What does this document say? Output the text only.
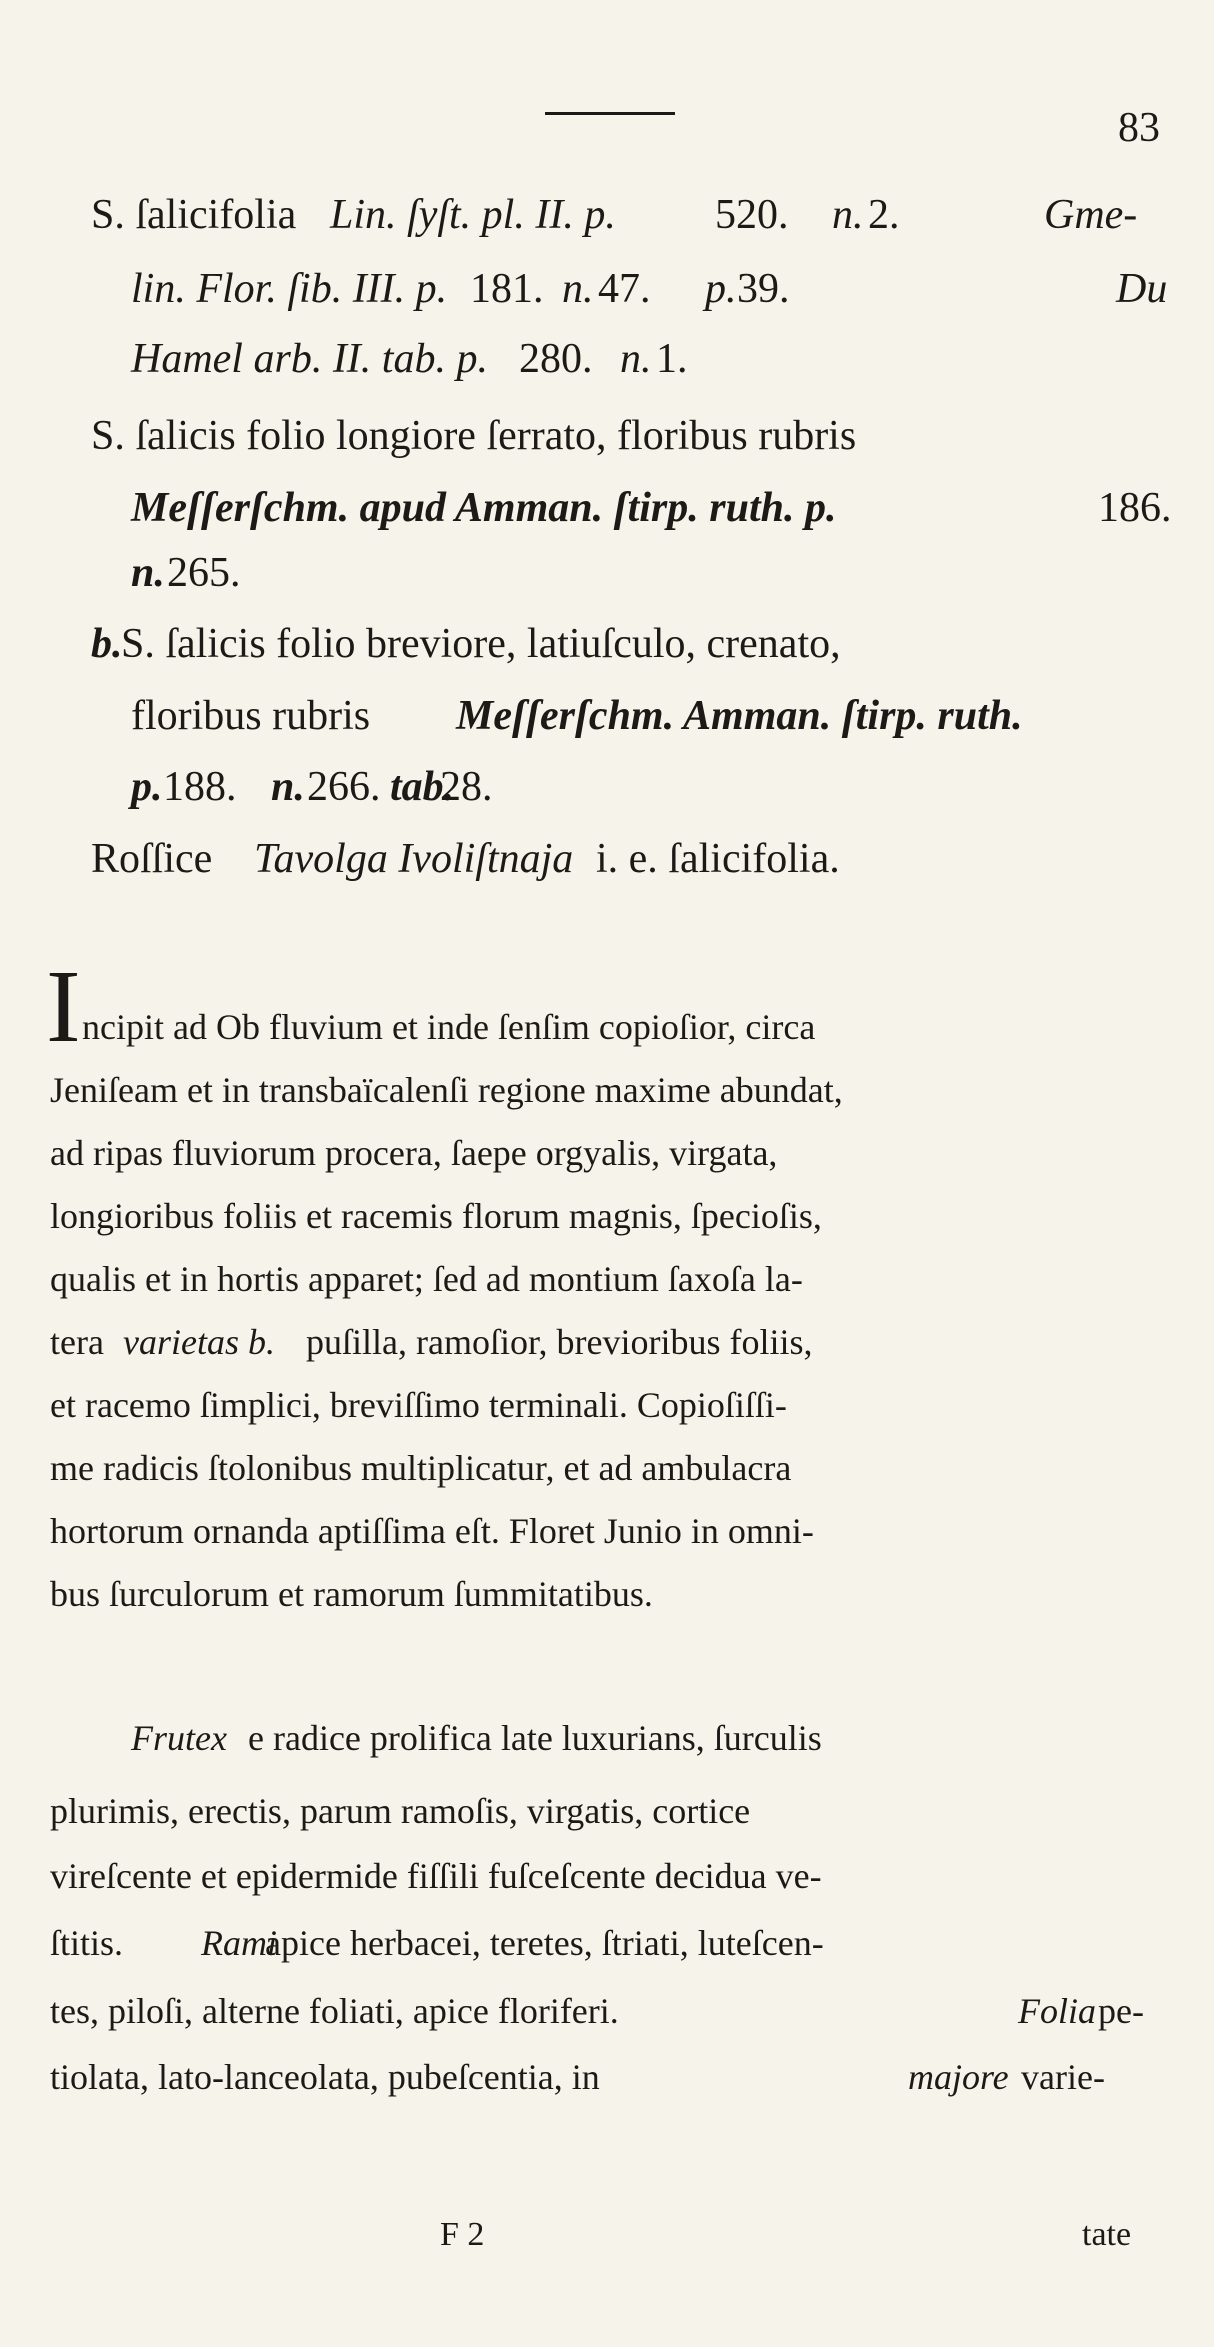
83
S. ſalicifolia Lin. ſyſt. pl. II. p. 520. n. 2.	Gme-
lin. Flor. ſib. III. p. 181. n. 47. p. 39.	Du
Hamel arb. II. tab. p. 280. n. 1.
S. ſalicis folio longiore ſerrato, floribus rubris
Meſſerſchm. apud Amman. ſtirp. ruth. p.	186.
n. 265.
b.
S. ſalicis folio breviore, latiuſculo, crenato,
floribus rubris Meſſerſchm. Amman. ſtirp. ruth.
p. 188. n. 266. tab.
28.
Roſſice Tavolga Ivoliſtnaja i. e. ſalicifolia.
I ncipit ad Ob fluvium et inde ſenſim copioſior, circa
Jeniſeam et in transbaïcalenſi regione maxime abundat,
ad ripas fluviorum procera, ſaepe orgyalis, virgata,
longioribus foliis et racemis florum magnis, ſpecioſis,
qualis et in hortis apparet; ſed ad montium ſaxoſa la-
tera varietas b. puſilla, ramoſior, brevioribus foliis,
et racemo ſimplici, breviſſimo terminali. Copioſiſſi-
me radicis ſtolonibus multiplicatur, et ad ambulacra
hortorum ornanda aptiſſima eſt. Floret Junio in omni-
bus ſurculorum et ramorum ſummitatibus.
Frutex e radice prolifica late luxurians, ſurculis
plurimis, erectis, parum ramoſis, virgatis, cortice
vireſcente et epidermide fiſſili fuſceſcente decidua ve-
ſtitis. Rami
apice herbacei, teretes, ſtriati, luteſcen-
tes, piloſi, alterne foliati, apice floriferi.	Folia pe-
tiolata, lato-lanceolata, pubeſcentia, in	majore varie-
F 2	tate
